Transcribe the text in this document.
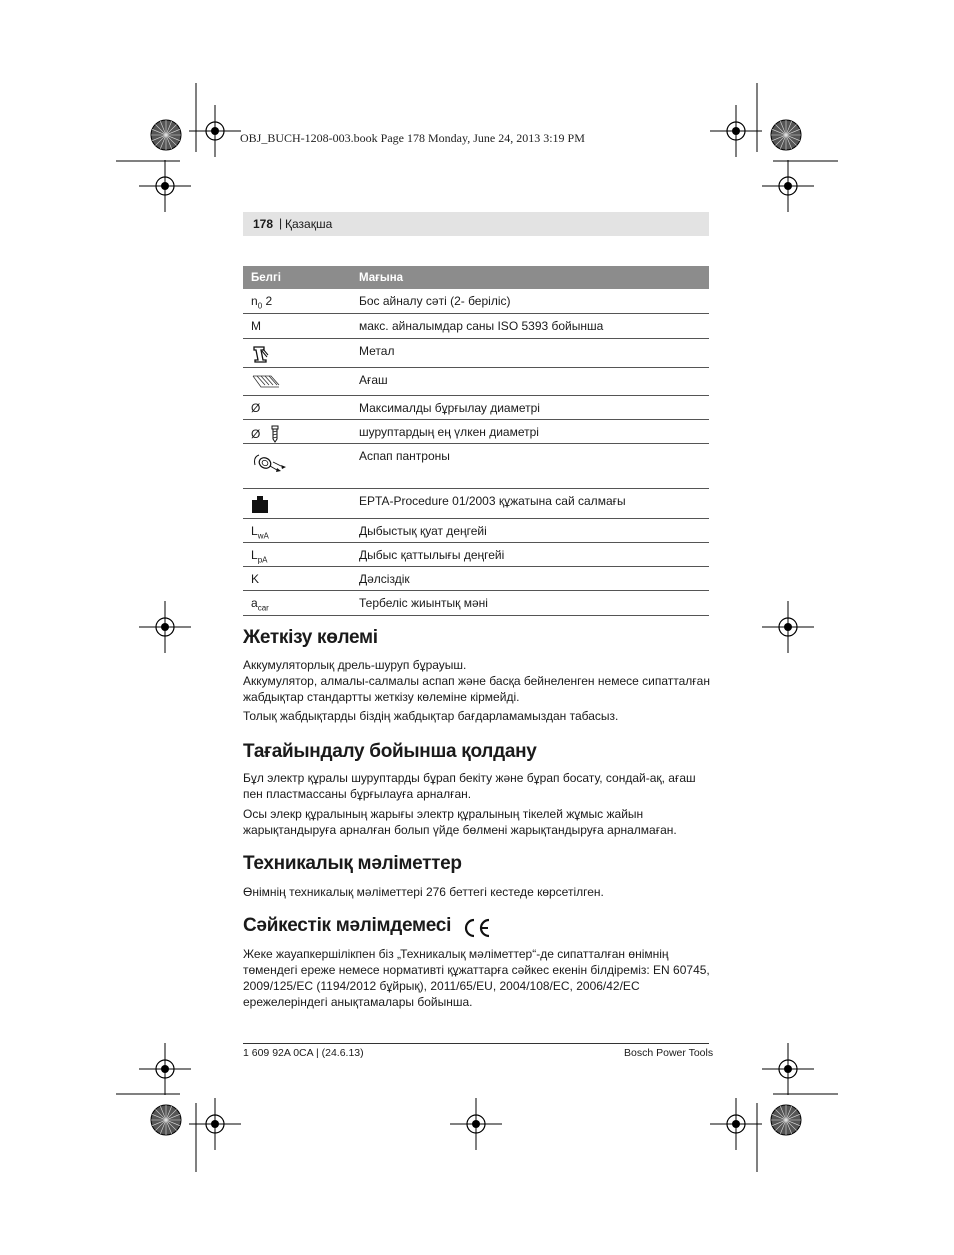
OBJ_BUCH-1208-003.book Page 178 Monday, June 24, 2013 3:19 PM
178 | Қазақша
Белгі	Мағына
$n_0$ 2	Бос айналу сәті (2- беріліс)
M	макс. айналымдар саны ISO 5393 бойынша
	Метал
	Ағаш
Ø	Максималды бұрғылау диаметрі
Ø	шуруптардың ең үлкен диаметрі
	Аспап пантроны
	EPTA-Procedure 01/2003 құжатына сай салмағы
$L_{wA}$	Дыбыстық қуат деңгейі
$L_{pA}$	Дыбыс қаттылығы деңгейі
K	Дәлсіздік
$a_{car}$	Тербеліс жиынтық мәні
Жеткізу көлемі

Аккумуляторлық дрель-шуруп бұрауыш.
Аккумулятор, алмалы-салмалы аспап және басқа бейнеленген немесе сипатталған жабдықтар стандартты жеткізу көлеміне кірмейді.

Толық жабдықтарды біздің жабдықтар бағдарламамыздан табасыз.

Тағайындалу бойынша қолдану

Бұл электр құралы шуруптарды бұрап бекіту және бұрап босату, сондай-ақ, ағаш пен пластмассаны бұрғылауға арналған.

Осы элекр құралының жарығы электр құралының тікелей жұмыс жайын жарықтандыруға арналған болып үйде бөлмені жарықтандыруға арналмаған.

Техникалық мәліметтер

Өнімнің техникалық мәліметтері 276 беттегі кестеде көрсетілген.

Сәйкестік мәлімдемесі

Жеке жауапкершілікпен біз „Техникалық мәліметтер“-де сипатталған өнімнің төмендегі ереже немесе нормативті құжаттарға сәйкес екенін білдіреміз: EN 60745, 2009/125/EC (1194/2012 бұйрық), 2011/65/EU, 2004/108/EC, 2006/42/EC ережелеріндегі анықтамалары бойынша.

1 609 92A 0CA | (24.6.13)	Bosch Power Tools
